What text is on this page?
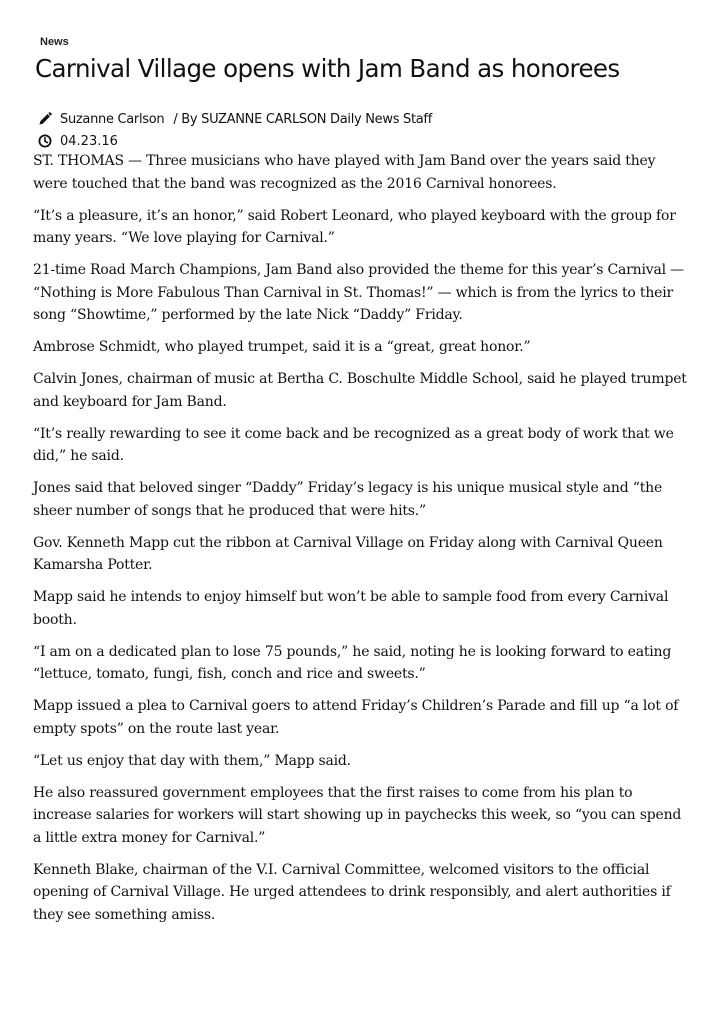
News
Carnival Village opens with Jam Band as honorees
Suzanne Carlson / By SUZANNE CARLSON Daily News Staff
04.23.16

ST. THOMAS — Three musicians who have played with Jam Band over the years said they were touched that the band was recognized as the 2016 Carnival honorees.

“It’s a pleasure, it’s an honor,” said Robert Leonard, who played keyboard with the group for many years. “We love playing for Carnival.”

21-time Road March Champions, Jam Band also provided the theme for this year’s Carnival — “Nothing is More Fabulous Than Carnival in St. Thomas!” — which is from the lyrics to their song “Showtime,” performed by the late Nick “Daddy” Friday.

Ambrose Schmidt, who played trumpet, said it is a “great, great honor.”

Calvin Jones, chairman of music at Bertha C. Boschulte Middle School, said he played trumpet and keyboard for Jam Band.

“It’s really rewarding to see it come back and be recognized as a great body of work that we did,” he said.

Jones said that beloved singer “Daddy” Friday’s legacy is his unique musical style and “the sheer number of songs that he produced that were hits.”

Gov. Kenneth Mapp cut the ribbon at Carnival Village on Friday along with Carnival Queen Kamarsha Potter.

Mapp said he intends to enjoy himself but won’t be able to sample food from every Carnival booth.

“I am on a dedicated plan to lose 75 pounds,” he said, noting he is looking forward to eating “lettuce, tomato, fungi, fish, conch and rice and sweets.”

Mapp issued a plea to Carnival goers to attend Friday’s Children’s Parade and fill up “a lot of empty spots” on the route last year.

“Let us enjoy that day with them,” Mapp said.

He also reassured government employees that the first raises to come from his plan to increase salaries for workers will start showing up in paychecks this week, so “you can spend a little extra money for Carnival.”

Kenneth Blake, chairman of the V.I. Carnival Committee, welcomed visitors to the official opening of Carnival Village. He urged attendees to drink responsibly, and alert authorities if they see something amiss.
